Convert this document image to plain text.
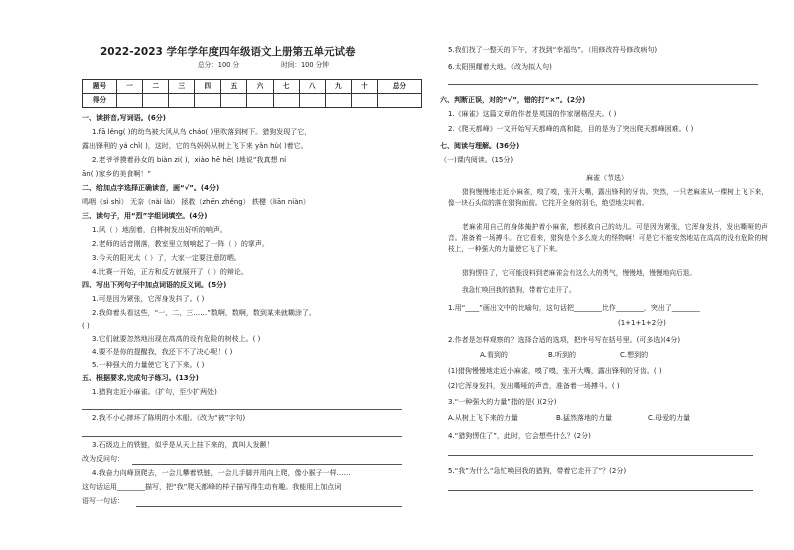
2022-2023 学年学年度四年级语文上册第五单元试卷
总分：100 分	时间：100 分钟
题号	一	二	三	四	五	六	七	八	九	十	总分
得分											
一、读拼音,写词语。(6分)
1.fā lěng( )的幼鸟被大风从鸟 cháo( )里吹落到树下。猎狗发现了它，
露出锋利的 yá chǐ( )，这时，它的鸟妈妈从树上飞下来 yǎn hù( )着它。
2.老爷爷摸着孙女的 biàn zi( )，xiào hē hē( )地说“我真想 ní
ān( )家乡的美食啊！”
二、给加点字选择正确读音，画“√”。(4分)
鸣咽（sì shì） 无奈（nài lài） 拯救（zhēn zhěng） 轶楗（liān niàn）
三、读句子，用“烈”字组词填空。(4分)
1.风（ ）地刮着，白桦树发出好听的响声。
2.老师的话音刚落，教室里立刻响起了一阵（ ）的掌声。
3.今天的阳光太（ ）了，大家一定要注意防晒。
4.比赛一开始，正方和反方就展开了（ ）的辩论。
四、写出下列句子中加点词语的反义词。(5分)
1.可是因为紧张，它浑身发抖了。( )
2.我仰着头看这些，“一、二、三……”数啊，数啊，数到某来就糊涂了。
( )
3.它们就要忽然地出现在高高的设有危险的树枝上。( )
4.要不是你的提醒我，我还下不了决心呢！( )
5.一种强大的力量使它飞了下来。( )
五、根据要求,完成句子练习。(13分)
1.猎狗走近小麻雀。（扩句，至少扩两处)
2.我不小心摔坏了陈明的小木船。（改为“被”字句)
3.石级边上的铁链，似乎是从天上挂下来的，真叫人发颤！
改为反问句：
4.我奋力向峰顶爬去，一会儿攀着铁链，一会儿手脚并用向上爬，像小猴子一样……
这句话运用________描写，把“我”爬天都峰的样子描写得生动有趣。我能用上加点词
语写一句话：
5.我们找了一整天的下午，才找到“幸福鸟”。（用修改符号修改病句)
6.太阳照耀着大地。（改为拟人句)
六、判断正误，对的“√”，错的打“×”。(2分)
1.《麻雀》这篇文章的作者是英国的作家屠格涅夫。( )
2.《爬天都峰》一文开始写天都峰的高和陡，目的是为了突出爬天都峰困难。( )
七、阅读与理解。(36分)
（一)课内阅读。(15分)
麻雀（节选）
猎狗慢慢地走近小麻雀，嗅了嗅，张开大嘴，露出锋利的牙齿。突然，一只老麻雀从一棵树上飞下来，像一块石头似的落在猎狗面前。它挓开全身的羽毛，绝望地尖叫着。
老麻雀用自己的身体掩护着小麻雀，想拯救自己的幼儿。可是因为紧张，它浑身发抖，发出嘶哑的声音。准备着一场搏斗。在它看来，猎狗是个多么庞大的怪物啊！可是它不能安然地站在高高的没有危险的树枝上，一种强大的力量使它飞了下来。
猎狗愣住了，它可能没料到老麻雀会有这么大的勇气，慢慢地，慢慢地向后退。
我急忙唤回我的猎狗，带着它走开了。
1.用“____”画出文中的比喻句，这句话把________比作________，突出了________
(1+1+1+2分)
2.作者是怎样观察的？选择合适的选项，把序号写在括号里。(可多选)(4分)
A.看到的	B.听到的	C.想到的
(1)猎狗慢慢地走近小麻雀，嗅了嗅，张开大嘴，露出锋利的牙齿。( )
(2)它浑身发抖，发出嘶哑的声音，准备着一场搏斗。( )
3.“一种强大的力量”指的是( )(2分)
A.从树上飞下来的力量	B.猛然落地的力量	C.母爱的力量
4.“猎狗愣住了”，此时，它会想些什么？(2分)
5.“我”为什么“急忙唤回我的猎狗，带着它走开了”？(2分)
